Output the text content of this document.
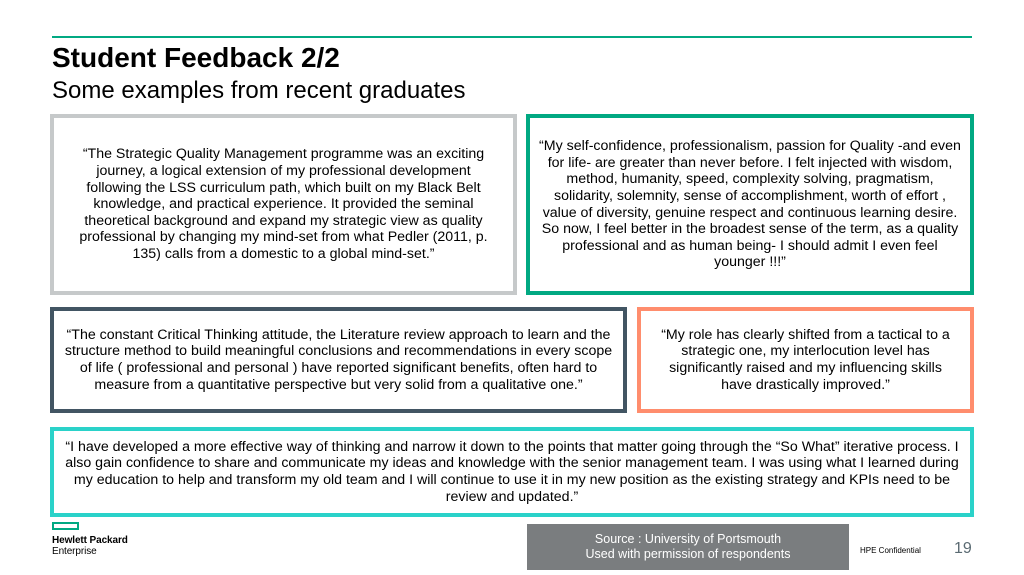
Student Feedback 2/2
Some examples from recent graduates
“The Strategic Quality Management programme was an exciting journey, a logical extension of my professional development following the LSS curriculum path, which built on my Black Belt knowledge, and practical experience. It provided the seminal theoretical background and expand my strategic view as quality professional by changing my mind-set from what Pedler (2011, p. 135) calls from a domestic to a global mind-set.”
“My self-confidence, professionalism, passion for Quality -and even for life- are greater than never before. I felt injected with wisdom, method, humanity, speed, complexity solving, pragmatism, solidarity, solemnity, sense of accomplishment, worth of effort , value of diversity, genuine respect and continuous learning desire. So now, I feel better in the broadest sense of the term, as a quality professional and as human being- I should admit I even feel younger !!!”
“The constant Critical Thinking attitude, the Literature review approach to learn and the structure method to build meaningful conclusions and recommendations in every scope of life ( professional and personal ) have reported significant benefits, often hard to measure from a quantitative perspective but very solid from a qualitative one.”
“My role has clearly shifted from a tactical to a strategic one, my interlocution level has significantly raised and my influencing skills have drastically improved.”
“I have developed a more effective way of thinking and narrow it down to the points that matter going through the “So What” iterative process. I also gain confidence to share and communicate my ideas and knowledge with the senior management team. I was using what I learned during my education to help and transform my old team and I will continue to use it in my new position as the existing strategy and KPIs need to be review and updated.”
Hewlett Packard
Enterprise
Source : University of Portsmouth
Used with permission of respondents	HPE Confidential 19
